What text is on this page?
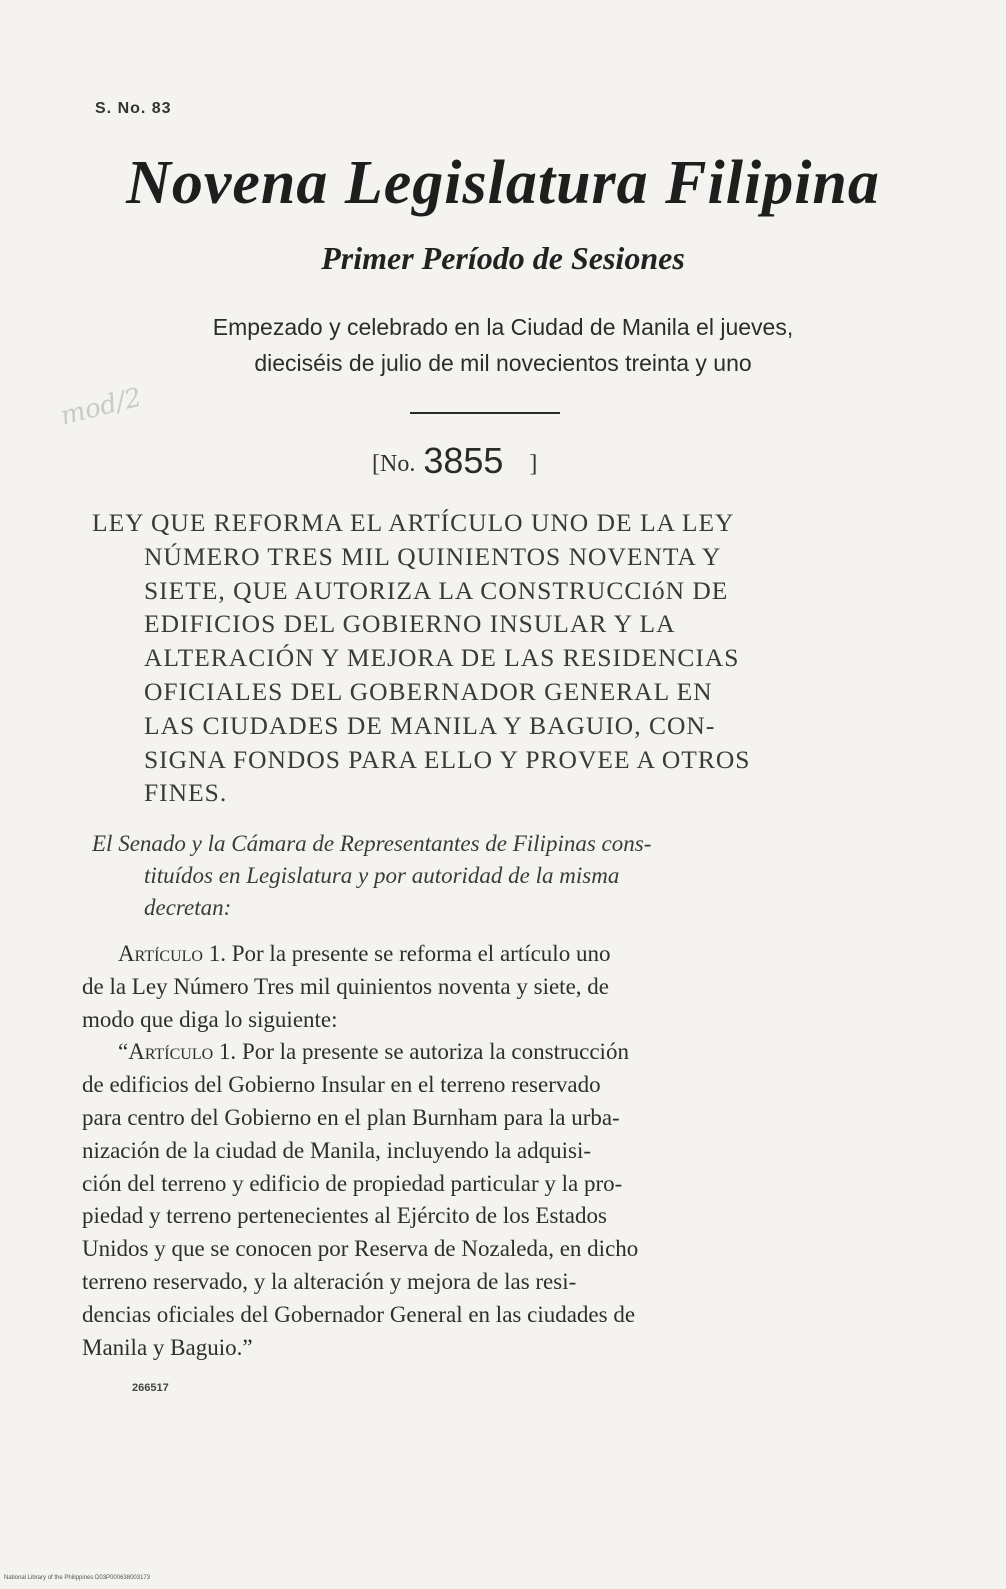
S. No. 83
Novena Legislatura Filipina
Primer Período de Sesiones
Empezado y celebrado en la Ciudad de Manila el jueves,
dieciséis de julio de mil novecientos treinta y uno
mod/2
[No. 3855 ]
LEY QUE REFORMA EL ARTÍCULO UNO DE LA LEY
NÚMERO TRES MIL QUINIENTOS NOVENTA Y
SIETE, QUE AUTORIZA LA CONSTRUCCIóN DE
EDIFICIOS DEL GOBIERNO INSULAR Y LA
ALTERACIÓN Y MEJORA DE LAS RESIDENCIAS
OFICIALES DEL GOBERNADOR GENERAL EN
LAS CIUDADES DE MANILA Y BAGUIO, CON-
SIGNA FONDOS PARA ELLO Y PROVEE A OTROS
FINES.
El Senado y la Cámara de Representantes de Filipinas cons-
tituídos en Legislatura y por autoridad de la misma
decretan:
Artículo 1. Por la presente se reforma el artículo uno
de la Ley Número Tres mil quinientos noventa y siete, de
modo que diga lo siguiente:
“Artículo 1. Por la presente se autoriza la construcción
de edificios del Gobierno Insular en el terreno reservado
para centro del Gobierno en el plan Burnham para la urba-
nización de la ciudad de Manila, incluyendo la adquisi-
ción del terreno y edificio de propiedad particular y la pro-
piedad y terreno pertenecientes al Ejército de los Estados
Unidos y que se conocen por Reserva de Nozaleda, en dicho
terreno reservado, y la alteración y mejora de las resi-
dencias oficiales del Gobernador General en las ciudades de
Manila y Baguio.”
266517
National Library of the Philippines D03P000638003173
